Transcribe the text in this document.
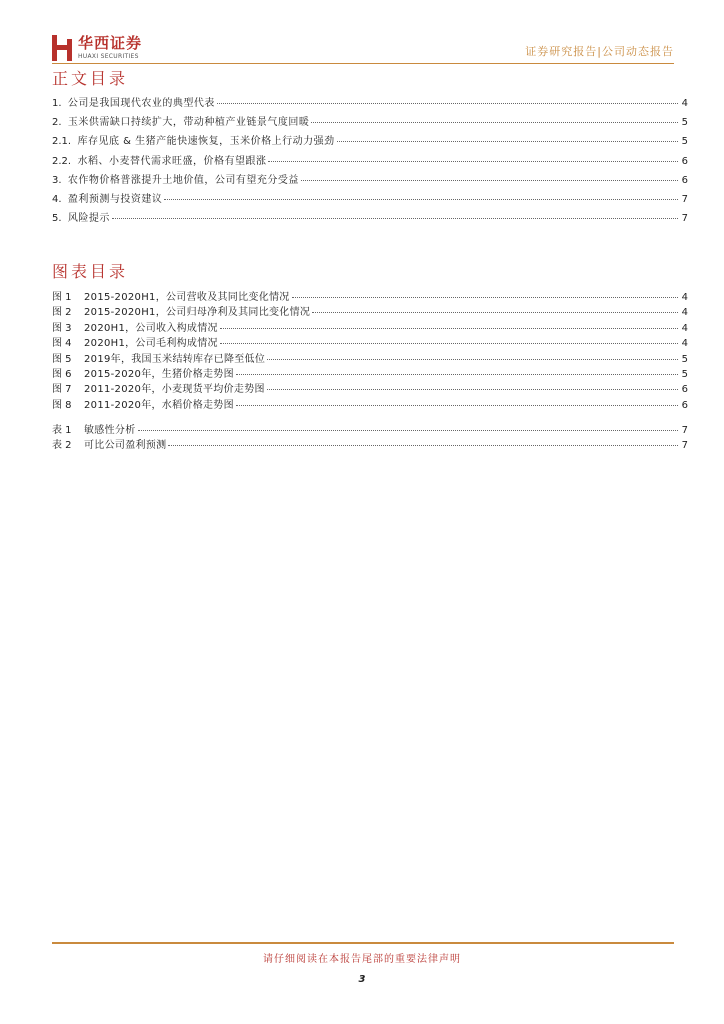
华西证券
HUAXI SECURITIES	证券研究报告|公司动态报告
正文目录
1. 公司是我国现代农业的典型代表	4
2. 玉米供需缺口持续扩大，带动种植产业链景气度回暖	5
2.1. 库存见底 & 生猪产能快速恢复，玉米价格上行动力强劲	5
2.2. 水稻、小麦替代需求旺盛，价格有望跟涨	6
3. 农作物价格普涨提升土地价值，公司有望充分受益	6
4. 盈利预测与投资建议	7
5. 风险提示	7
图表目录
图 1	2015-2020H1，公司营收及其同比变化情况	4
图 2	2015-2020H1，公司归母净利及其同比变化情况	4
图 3	2020H1，公司收入构成情况	4
图 4	2020H1，公司毛利构成情况	4
图 5	2019年，我国玉米结转库存已降至低位	5
图 6	2015-2020年，生猪价格走势图	5
图 7	2011-2020年，小麦现货平均价走势图	6
图 8	2011-2020年，水稻价格走势图	6
表 1	敏感性分析	7
表 2	可比公司盈利预测	7
请仔细阅读在本报告尾部的重要法律声明
3
